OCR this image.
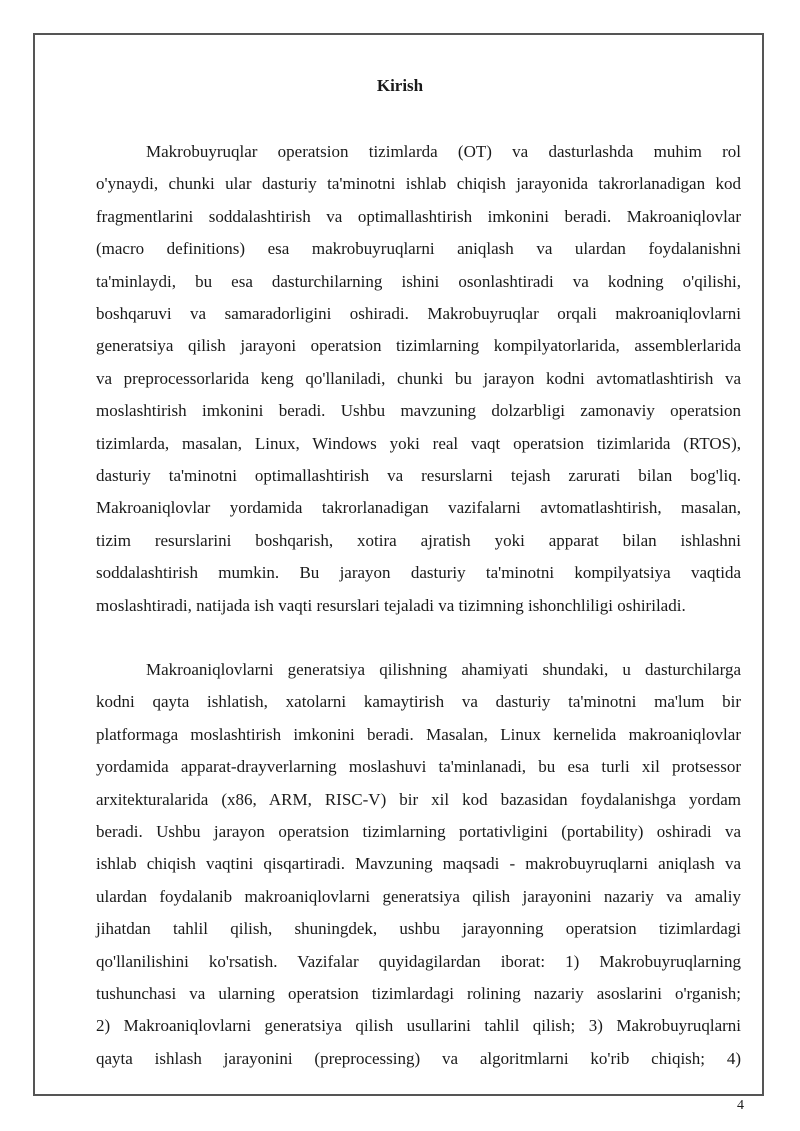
Kirish
Makrobuyruqlar operatsion tizimlarda (OT) va dasturlashda muhim rol
o'ynaydi, chunki ular dasturiy ta'minotni ishlab chiqish jarayonida takrorlanadigan kod
fragmentlarini soddalashtirish va optimallashtirish imkonini beradi. Makroaniqlovlar
(macro definitions) esa makrobuyruqlarni aniqlash va ulardan foydalanishni
ta'minlaydi, bu esa dasturchilarning ishini osonlashtiradi va kodning o'qilishi,
boshqaruvi va samaradorligini oshiradi. Makrobuyruqlar orqali makroaniqlovlarni
generatsiya qilish jarayoni operatsion tizimlarning kompilyatorlarida, assemblerlarida
va preprocessorlarida keng qo'llaniladi, chunki bu jarayon kodni avtomatlashtirish va
moslashtirish imkonini beradi. Ushbu mavzuning dolzarbligi zamonaviy operatsion
tizimlarda, masalan, Linux, Windows yoki real vaqt operatsion tizimlarida (RTOS),
dasturiy ta'minotni optimallashtirish va resurslarni tejash zarurati bilan bog'liq.
Makroaniqlovlar yordamida takrorlanadigan vazifalarni avtomatlashtirish, masalan,
tizim resurslarini boshqarish, xotira ajratish yoki apparat bilan ishlashni
soddalashtirish mumkin. Bu jarayon dasturiy ta'minotni kompilyatsiya vaqtida
moslashtiradi, natijada ish vaqti resurslari tejaladi va tizimning ishonchliligi oshiriladi.
Makroaniqlovlarni generatsiya qilishning ahamiyati shundaki, u dasturchilarga
kodni qayta ishlatish, xatolarni kamaytirish va dasturiy ta'minotni ma'lum bir
platformaga moslashtirish imkonini beradi. Masalan, Linux kernelida makroaniqlovlar
yordamida apparat-drayverlarning moslashuvi ta'minlanadi, bu esa turli xil protsessor
arxitekturalarida (x86, ARM, RISC-V) bir xil kod bazasidan foydalanishga yordam
beradi. Ushbu jarayon operatsion tizimlarning portativligini (portability) oshiradi va
ishlab chiqish vaqtini qisqartiradi. Mavzuning maqsadi - makrobuyruqlarni aniqlash va
ulardan foydalanib makroaniqlovlarni generatsiya qilish jarayonini nazariy va amaliy
jihatdan tahlil qilish, shuningdek, ushbu jarayonning operatsion tizimlardagi
qo'llanilishini ko'rsatish. Vazifalar quyidagilardan iborat: 1) Makrobuyruqlarning
tushunchasi va ularning operatsion tizimlardagi rolining nazariy asoslarini o'rganish;
2) Makroaniqlovlarni generatsiya qilish usullarini tahlil qilish; 3) Makrobuyruqlarni
qayta ishlash jarayonini (preprocessing) va algoritmlarni ko'rib chiqish; 4)
4
